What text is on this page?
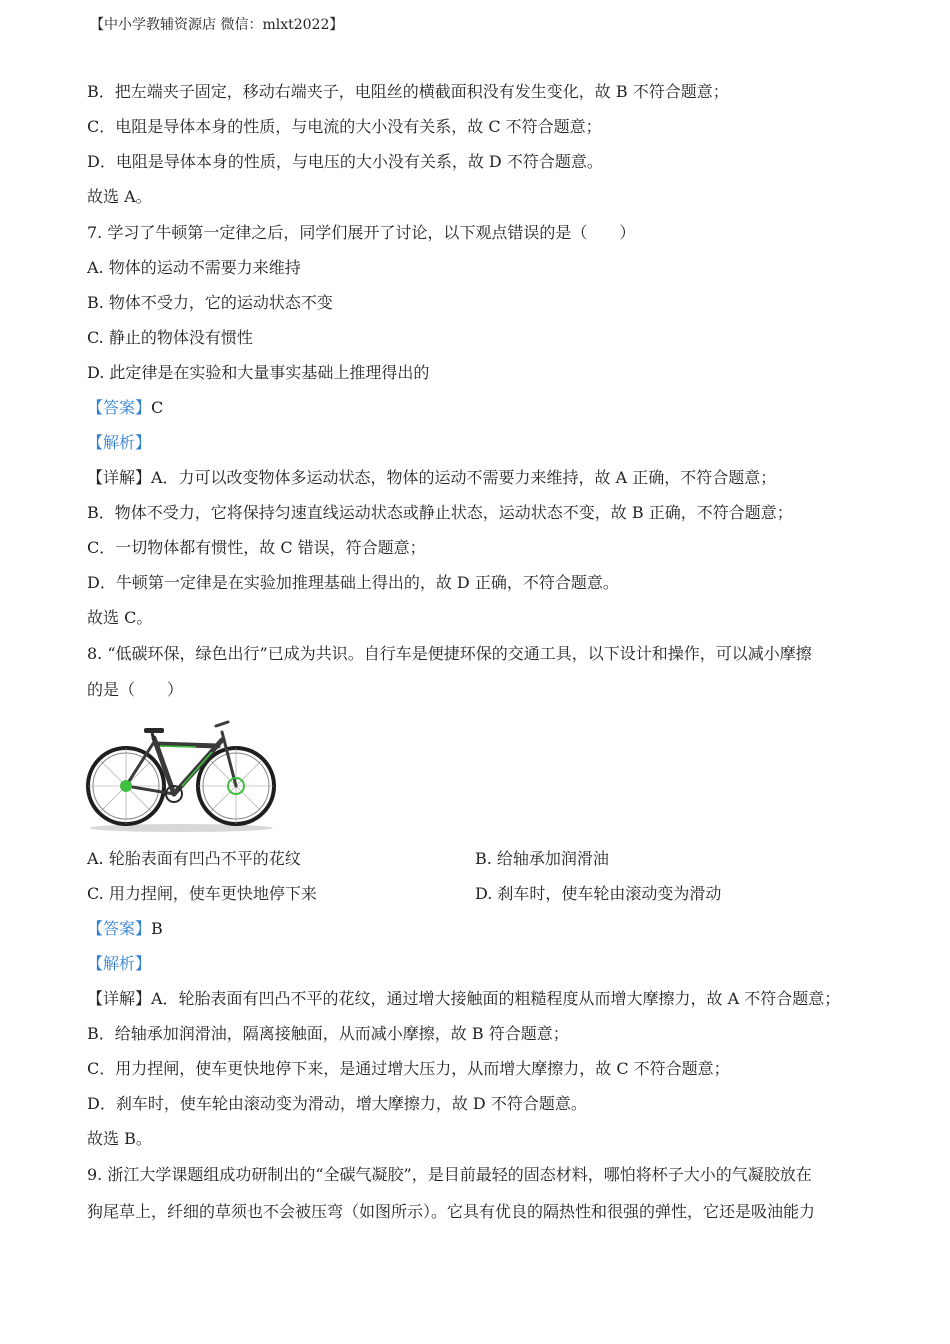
【中小学教辅资源店 微信：mlxt2022】
B．把左端夹子固定，移动右端夹子，电阻丝的横截面积没有发生变化，故 B 不符合题意；
C．电阻是导体本身的性质，与电流的大小没有关系，故 C 不符合题意；
D．电阻是导体本身的性质，与电压的大小没有关系，故 D 不符合题意。
故选 A。
7. 学习了牛顿第一定律之后，同学们展开了讨论，以下观点错误的是（　　）
A. 物体的运动不需要力来维持
B. 物体不受力，它的运动状态不变
C. 静止的物体没有惯性
D. 此定律是在实验和大量事实基础上推理得出的
【答案】C
【解析】
【详解】A．力可以改变物体多运动状态，物体的运动不需要力来维持，故 A 正确，不符合题意；
B．物体不受力，它将保持匀速直线运动状态或静止状态，运动状态不变，故 B 正确，不符合题意；
C．一切物体都有惯性，故 C 错误，符合题意；
D．牛顿第一定律是在实验加推理基础上得出的，故 D 正确，不符合题意。
故选 C。
8. “低碳环保，绿色出行”已成为共识。自行车是便捷环保的交通工具，以下设计和操作，可以减小摩擦
的是（　　）
A. 轮胎表面有凹凸不平的花纹	B. 给轴承加润滑油
C. 用力捏闸，使车更快地停下来	D. 刹车时，使车轮由滚动变为滑动
【答案】B
【解析】
【详解】A．轮胎表面有凹凸不平的花纹，通过增大接触面的粗糙程度从而增大摩擦力，故 A 不符合题意；
B．给轴承加润滑油，隔离接触面，从而减小摩擦，故 B 符合题意；
C．用力捏闸，使车更快地停下来，是通过增大压力，从而增大摩擦力，故 C 不符合题意；
D．刹车时，使车轮由滚动变为滑动，增大摩擦力，故 D 不符合题意。
故选 B。
9. 浙江大学课题组成功研制出的“全碳气凝胶”，是目前最轻的固态材料，哪怕将杯子大小的气凝胶放在
狗尾草上，纤细的草须也不会被压弯（如图所示）。它具有优良的隔热性和很强的弹性，它还是吸油能力
